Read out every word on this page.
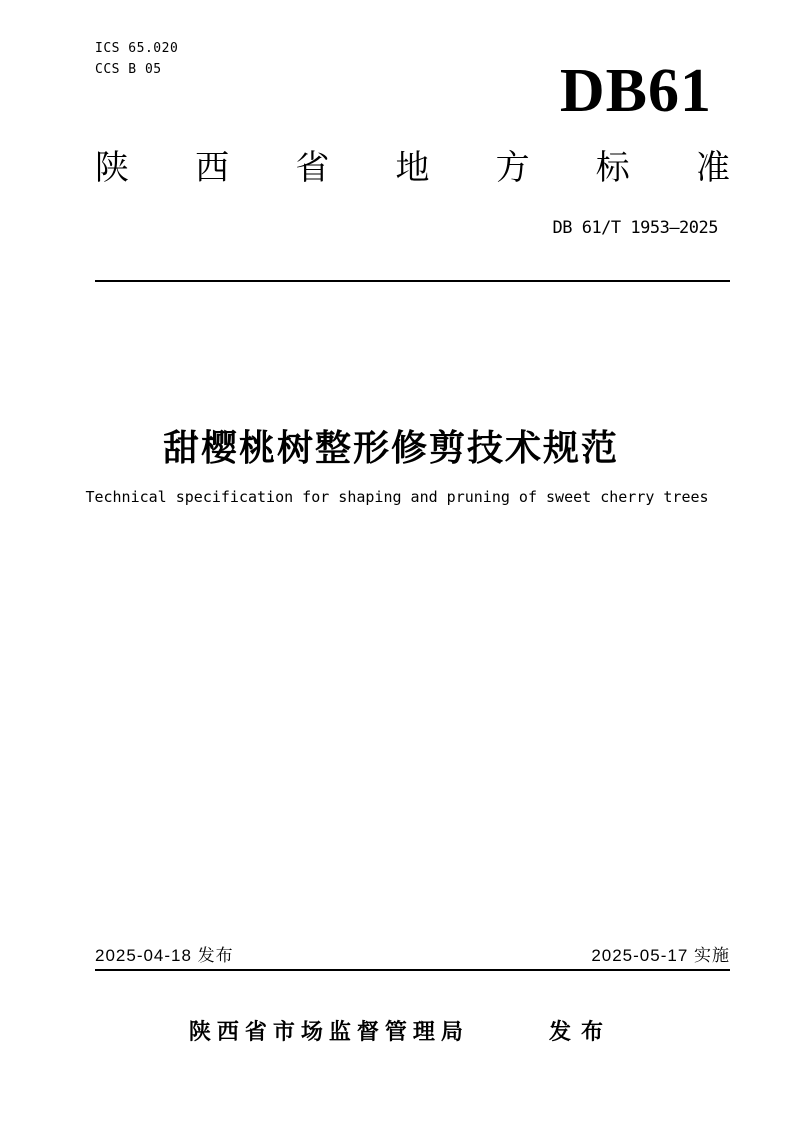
ICS 65.020
CCS B 05	DB61
陕 西 省 地 方 标 准
DB 61/T 1953—2025
甜樱桃树整形修剪技术规范
Technical specification for shaping and pruning of sweet cherry trees
2025-04-18 发布	2025-05-17 实施
陕西省市场监督管理局	发 布
